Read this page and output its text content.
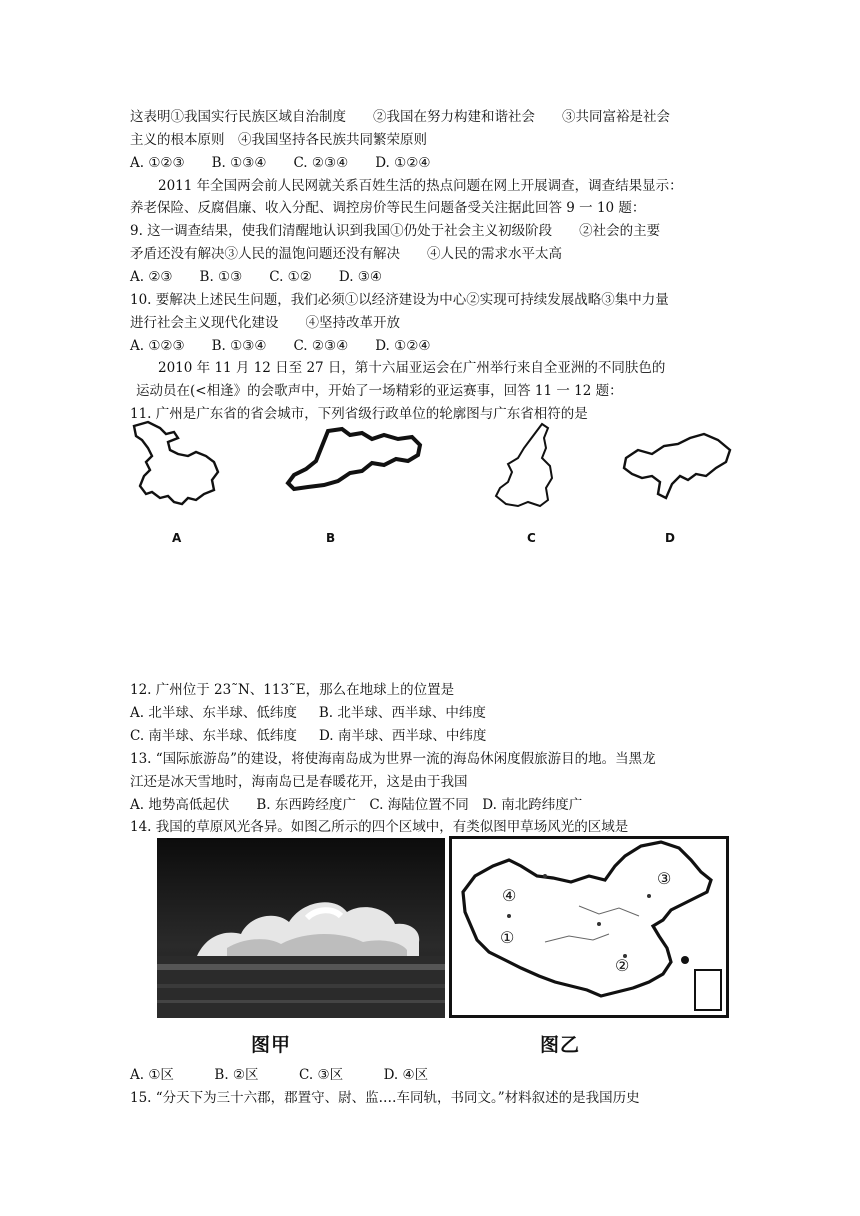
这表明①我国实行民族区域自治制度　　②我国在努力构建和谐社会　　③共同富裕是社会
主义的根本原则　④我国坚持各民族共同繁荣原则
A. ①②③　　B. ①③④　　C. ②③④　　D. ①②④
2011 年全国两会前人民网就关系百姓生活的热点问题在网上开展调查，调查结果显示：
养老保险、反腐倡廉、收入分配、调控房价等民生问题备受关注据此回答 9 一 10 题：
9. 这一调查结果，使我们清醒地认识到我国①仍处于社会主义初级阶段　　②社会的主要
矛盾还没有解决③人民的温饱问题还没有解决　　④人民的需求水平太高
A. ②③　　B. ①③　　C. ①②　　D. ③④
10. 要解决上述民生问题，我们必须①以经济建设为中心②实现可持续发展战略③集中力量
进行社会主义现代化建设　　④坚持改革开放
A. ①②③　　B. ①③④　　C. ②③④　　D. ①②④
2010 年 11 月 12 日至 27 日，第十六届亚运会在广州举行来自全亚洲的不同肤色的
运动员在(<相逢》的会歌声中，开始了一场精彩的亚运赛事，回答 11 一 12 题：
11. 广州是广东省的省会城市，下列省级行政单位的轮廓图与广东省相符的是
A	B	C	D
12. 广州位于 23˜N、113˜E，那么在地球上的位置是
A. 北半球、东半球、低纬度 B. 北半球、西半球、中纬度
C. 南半球、东半球、低纬度 D. 南半球、西半球、中纬度
13. “国际旅游岛”的建设，将使海南岛成为世界一流的海岛休闲度假旅游目的地。当黑龙
江还是冰天雪地时，海南岛已是春暖花开，这是由于我国
A. 地势高低起伏　　B. 东西跨经度广　C. 海陆位置不同　D. 南北跨纬度广
14. 我国的草原风光各异。如图乙所示的四个区域中，有类似图甲草场风光的区域是
④
①
②
③
图甲	图乙
A. ①区　　　B. ②区　　　C. ③区　　　D. ④区
15. “分天下为三十六郡，郡置守、尉、监.…车同轨，书同文。”材料叙述的是我国历史
